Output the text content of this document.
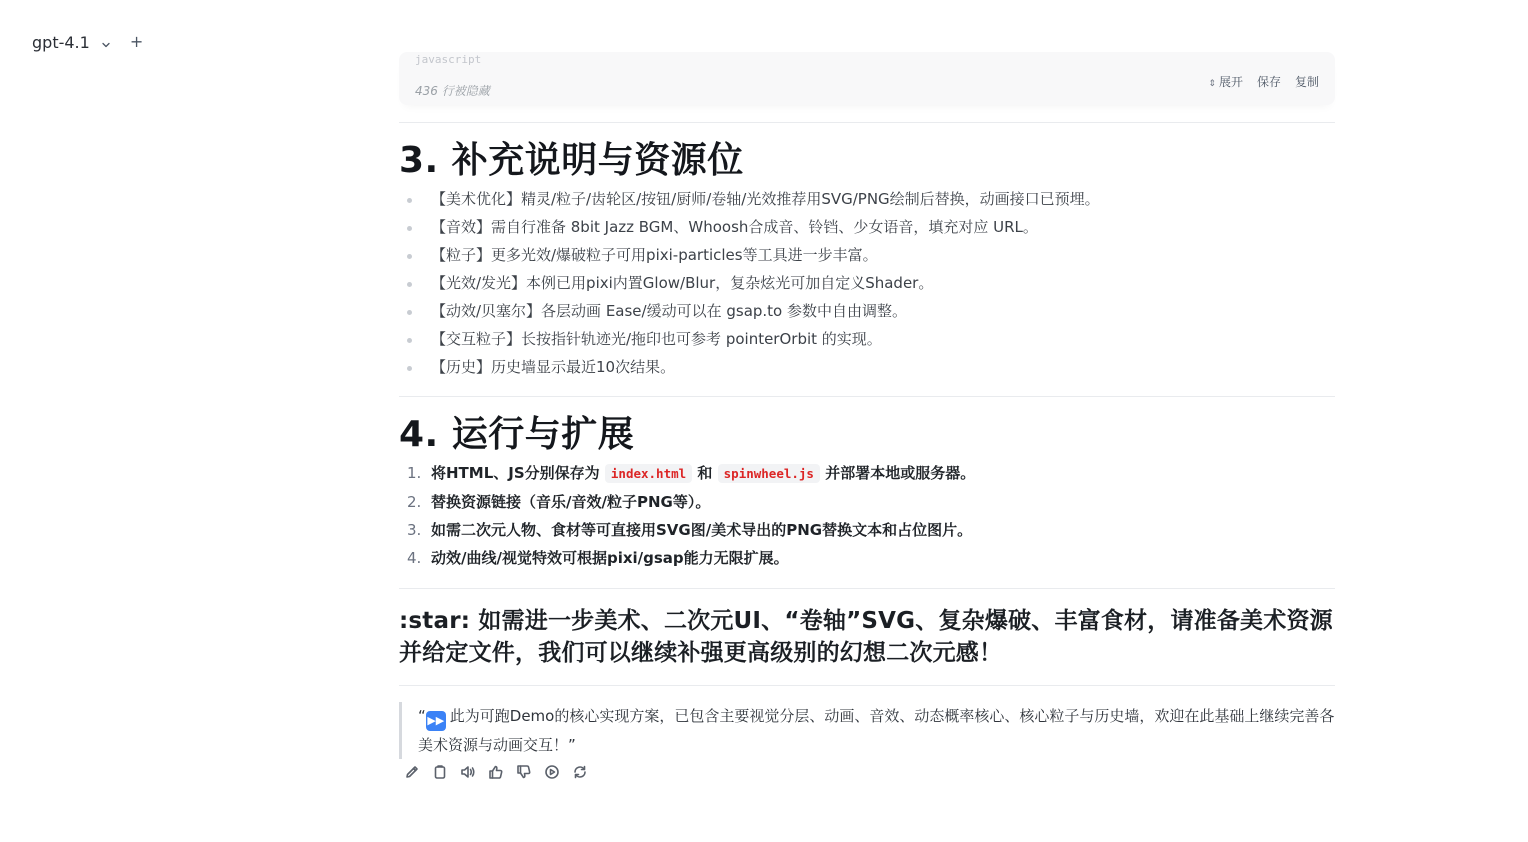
gpt-4.1	+
javascript
436 行被隐藏	⇕ 展开 保存 复制
3. 补充说明与资源位
【美术优化】精灵/粒子/齿轮区/按钮/厨师/卷轴/光效推荐用SVG/PNG绘制后替换，动画接口已预埋。
【音效】需自行准备 8bit Jazz BGM、Whoosh合成音、铃铛、少女语音，填充对应 URL。
【粒子】更多光效/爆破粒子可用pixi-particles等工具进一步丰富。
【光效/发光】本例已用pixi内置Glow/Blur，复杂炫光可加自定义Shader。
【动效/贝塞尔】各层动画 Ease/缓动可以在 gsap.to 参数中自由调整。
【交互粒子】长按指针轨迹光/拖印也可参考 pointerOrbit 的实现。
【历史】历史墙显示最近10次结果。
4. 运行与扩展
1. 将HTML、JS分别保存为 index.html 和 spinwheel.js 并部署本地或服务器。
2. 替换资源链接（音乐/音效/粒子PNG等）。
3. 如需二次元人物、食材等可直接用SVG图/美术导出的PNG替换文本和占位图片。
4. 动效/曲线/视觉特效可根据pixi/gsap能力无限扩展。
:star: 如需进一步美术、二次元UI、“卷轴”SVG、复杂爆破、丰富食材，请准备美术资源并给定文件，我们可以继续补强更高级别的幻想二次元感！
“ ▶▶ 此为可跑Demo的核心实现方案，已包含主要视觉分层、动画、音效、动态概率核心、核心粒子与历史墙，欢迎在此基础上继续完善各美术资源与动画交互！”
